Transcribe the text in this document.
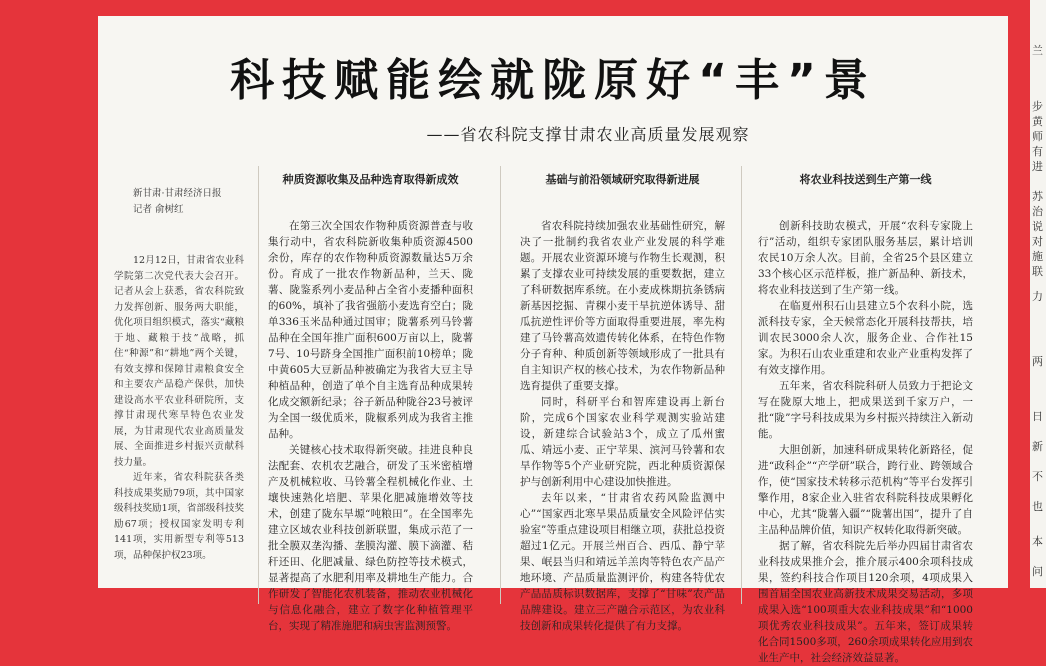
科技赋能绘就陇原好“丰”景
——省农科院支撑甘肃农业高质量发展观察

新甘肃·甘肃经济日报

记者 俞树红

12月12日，甘肃省农业科学院第二次党代表大会召开。记者从会上获悉，省农科院致力发挥创新、服务两大职能，优化项目组织模式，落实“藏粮于地、藏粮于技”战略，抓住“种源”和“耕地”两个关键，有效支撑和保障甘肃粮食安全和主要农产品稳产保供，加快建设高水平农业科研院所，支撑甘肃现代寒旱特色农业发展，为甘肃现代农业高质量发展、全面推进乡村振兴贡献科技力量。

近年来，省农科院获各类科技成果奖励79项，其中国家级科技奖励1项，省部级科技奖励67项；授权国家发明专利141项，实用新型专利等513项，品种保护权23项。

种质资源收集及品种选育取得新成效

在第三次全国农作物种质资源普查与收集行动中，省农科院新收集种质资源4500余份，库存的农作物种质资源数量达5万余份。育成了一批农作物新品种，兰天、陇薯、陇鉴系列小麦品种占全省小麦播种面积的60%，填补了我省强筋小麦选育空白；陇单336玉米品种通过国审；陇薯系列马铃薯品种在全国年推广面积600万亩以上，陇薯7号、10号跻身全国推广面积前10榜单；陇中黄605大豆新品种被确定为我省大豆主导种植品种，创造了单个自主选育品种成果转化成交额新纪录；谷子新品种陇谷23号被评为全国一级优质米，陇椒系列成为我省主推品种。

关键核心技术取得新突破。挂进良种良法配套、农机农艺融合，研发了玉米密植增产及机械粒收、马铃薯全程机械化作业、土壤快速熟化培肥、苹果化肥减施增效等技术，创建了陇东旱塬“吨粮田”。在全国率先建立区域农业科技创新联盟，集成示范了一批全膜双垄沟播、垄膜沟灌、膜下滴灌、秸秆还田、化肥减量、绿色防控等技术模式，显著提高了水肥利用率及耕地生产能力。合作研发了智能化农机装备，推动农业机械化与信息化融合，建立了数字化种植管理平台，实现了精准施肥和病虫害监测预警。

基础与前沿领域研究取得新进展

省农科院持续加强农业基础性研究，解决了一批制约我省农业产业发展的科学难题。开展农业资源环境与作物生长观测，积累了支撑农业可持续发展的重要数据，建立了科研数据库系统。在小麦成株期抗条锈病新基因挖掘、青稞小麦干旱抗逆体诱导、甜瓜抗逆性评价等方面取得重要进展，率先构建了马铃薯高效遗传转化体系，在特色作物分子育种、种质创新等领域形成了一批具有自主知识产权的核心技术，为农作物新品种选育提供了重要支撑。

同时，科研平台和智库建设再上新台阶，完成6个国家农业科学观测实验站建设，新建综合试验站3个，成立了瓜州蜜瓜、靖远小麦、正宁苹果、滨河马铃薯和农旱作物等5个产业研究院，西北种质资源保护与创新利用中心建设加快推进。

去年以来，“甘肃省农药风险监测中心”“国家西北寒旱果品质量安全风险评估实验室”等重点建设项目相继立项，获批总投资超过1亿元。开展兰州百合、西瓜、静宁苹果、岷县当归和靖远羊羔肉等特色农产品产地环境、产品质量监测评价，构建各特优农产品品质标识数据库，支撑了“甘味”农产品品牌建设。建立三产融合示范区，为农业科技创新和成果转化提供了有力支撑。

将农业科技送到生产第一线

创新科技助农模式，开展“农科专家陇上行”活动，组织专家团队服务基层，累计培训农民10万余人次。目前，全省25个县区建立33个核心区示范样板，推广新品种、新技术，将农业科技送到了生产第一线。

在临夏州积石山县建立5个农科小院，选派科技专家，全天候常态化开展科技帮扶，培训农民3000余人次，服务企业、合作社15家。为积石山农业重建和农业产业重构发挥了有效支撑作用。

五年来，省农科院科研人员致力于把论文写在陇原大地上，把成果送到千家万户，一批“陇”字号科技成果为乡村振兴持续注入新动能。

大胆创新，加速科研成果转化新路径，促进“政科企”“产学研”联合，跨行业、跨领域合作，使“国家技术转移示范机构”等平台发挥引擎作用，8家企业入驻省农科院科技成果孵化中心，尤其“陇薯入疆”“陇薯出国”，提升了自主品种品牌价值，知识产权转化取得新突破。

据了解，省农科院先后举办四届甘肃省农业科技成果推介会，推介展示400余项科技成果，签约科技合作项目120余项，4项成果入围首届全国农业高新技术成果交易活动，多项成果入选“100项重大农业科技成果”和“1000项优秀农业科技成果”。五年来，签订成果转化合同1500多项，260余项成果转化应用到农业生产中，社会经济效益显著。

兰
步
黄
师
有
进
苏
治
说
对
施
联
力
两
日
新
不
也
本
问
